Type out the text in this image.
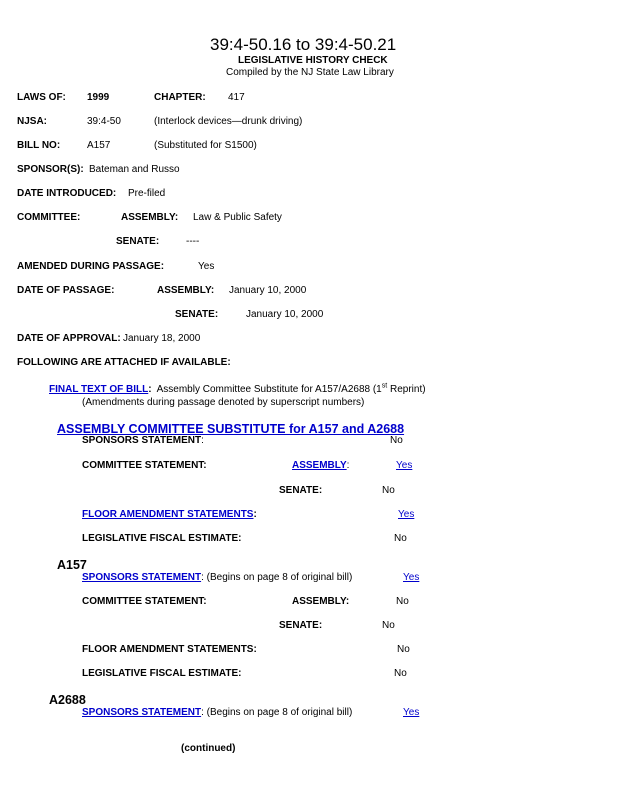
39:4-50.16 to 39:4-50.21
LEGISLATIVE HISTORY CHECK
Compiled by the NJ State Law Library
LAWS OF: 1999	CHAPTER: 417
NJSA:	39:4-50	(Interlock devices—drunk driving)
BILL NO:	A157	(Substituted for S1500)
SPONSOR(S): Bateman and Russo
DATE INTRODUCED: Pre-filed
COMMITTEE:	ASSEMBLY: Law & Public Safety
SENATE:	----
AMENDED DURING PASSAGE:	Yes
DATE OF PASSAGE:	ASSEMBLY: January 10, 2000
SENATE:	January 10, 2000
DATE OF APPROVAL: January 18, 2000
FOLLOWING ARE ATTACHED IF AVAILABLE:
FINAL TEXT OF BILL: Assembly Committee Substitute for A157/A2688 (1st Reprint)
(Amendments during passage denoted by superscript numbers)
ASSEMBLY COMMITTEE SUBSTITUTE for A157 and A2688
SPONSORS STATEMENT:	No
COMMITTEE STATEMENT:	ASSEMBLY:	Yes
SENATE:	No
FLOOR AMENDMENT STATEMENTS:	Yes
LEGISLATIVE FISCAL ESTIMATE:	No
A157
SPONSORS STATEMENT: (Begins on page 8 of original bill)	Yes
COMMITTEE STATEMENT:	ASSEMBLY:	No
SENATE:	No
FLOOR AMENDMENT STATEMENTS:	No
LEGISLATIVE FISCAL ESTIMATE:	No
A2688
SPONSORS STATEMENT: (Begins on page 8 of original bill)	Yes
(continued)
